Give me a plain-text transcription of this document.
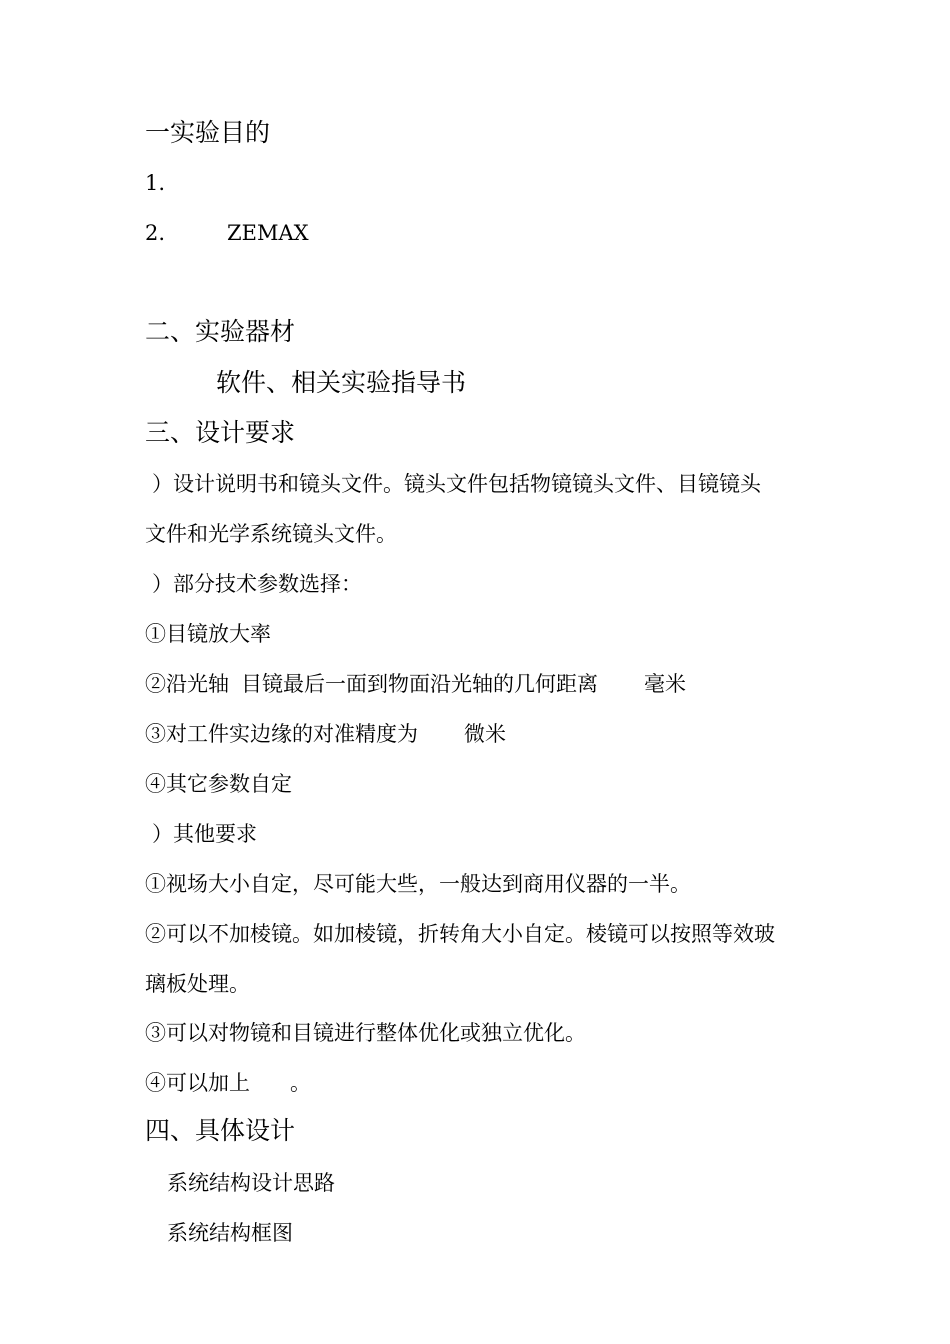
一实验目的
1.
2.	ZEMAX
二、实验器材
软件、相关实验指导书
三、设计要求
）设计说明书和镜头文件。镜头文件包括物镜镜头文件、目镜镜头
文件和光学系统镜头文件。
）部分技术参数选择：
①目镜放大率
②沿光轴 目镜最后一面到物面沿光轴的几何距离 毫米
③对工件实边缘的对准精度为 微米
④其它参数自定
）其他要求
①视场大小自定，尽可能大些，一般达到商用仪器的一半。
②可以不加棱镜。如加棱镜，折转角大小自定。棱镜可以按照等效玻
璃板处理。
③可以对物镜和目镜进行整体优化或独立优化。
④可以加上 。
四、具体设计
系统结构设计思路
系统结构框图
